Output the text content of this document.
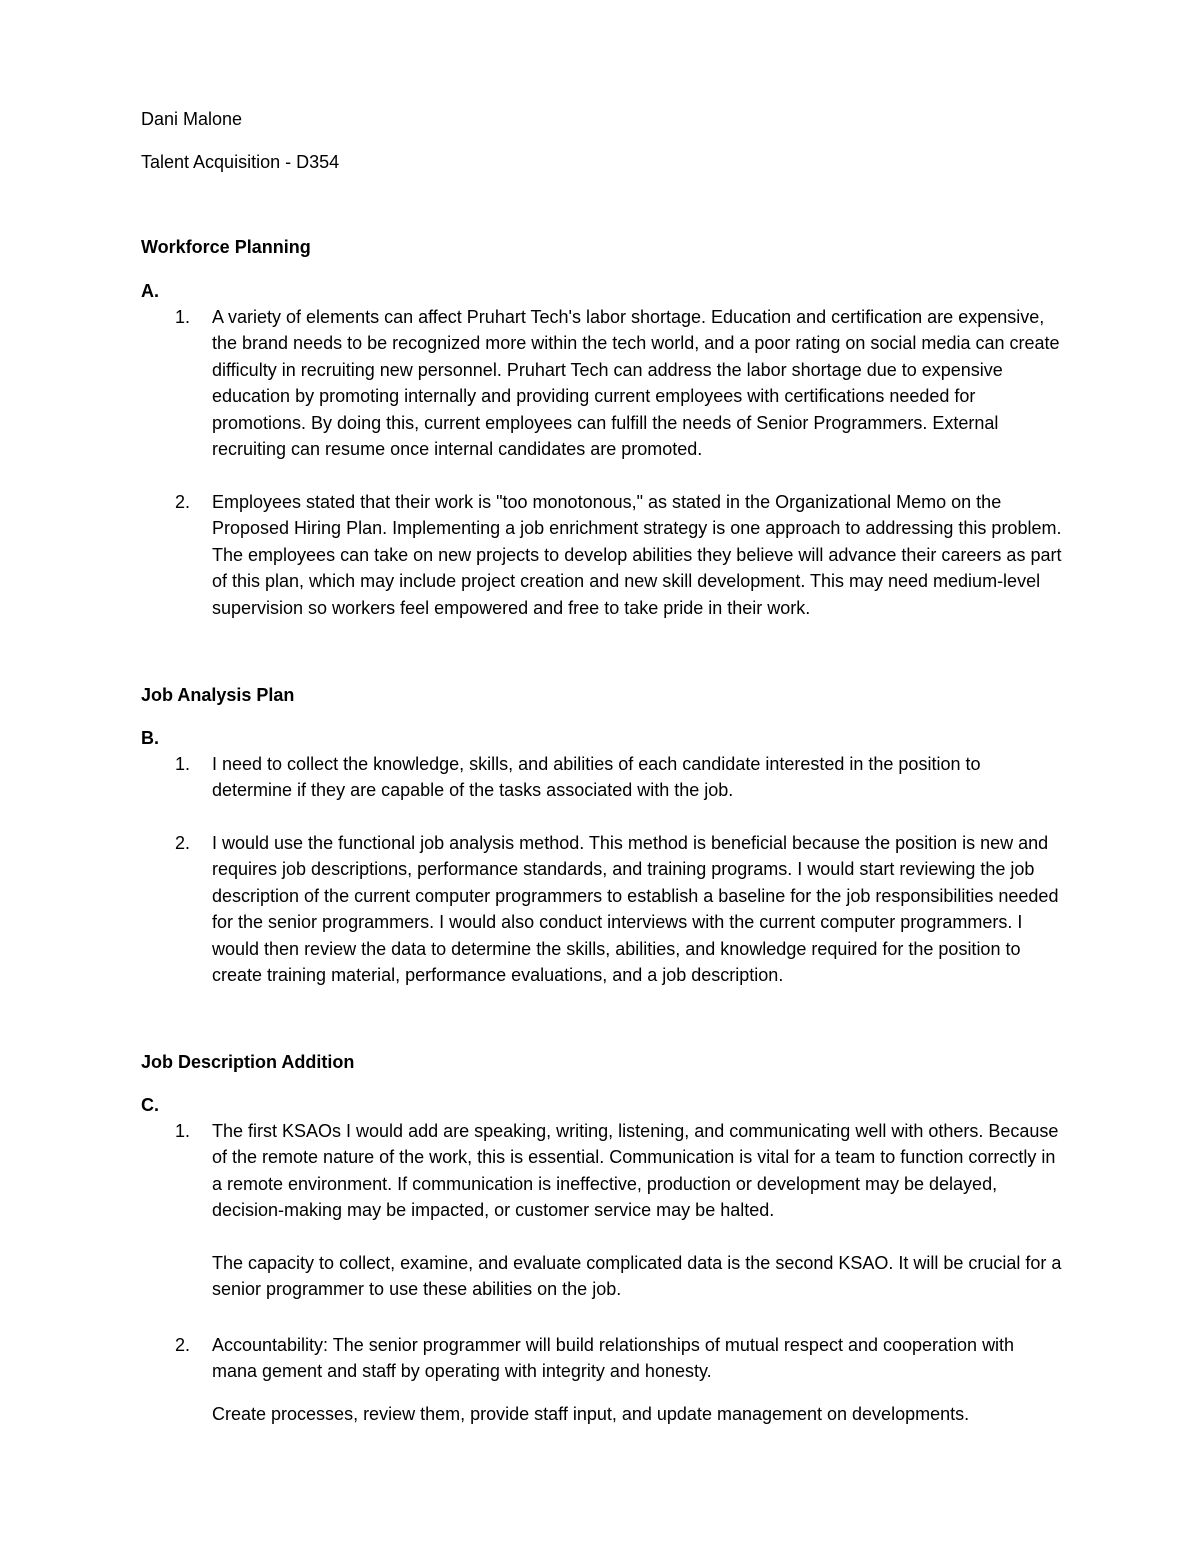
Dani Malone
Talent Acquisition - D354
Workforce Planning
A.
1. A variety of elements can affect Pruhart Tech's labor shortage. Education and certification are expensive, the brand needs to be recognized more within the tech world, and a poor rating on social media can create difficulty in recruiting new personnel. Pruhart Tech can address the labor shortage due to expensive education by promoting internally and providing current employees with certifications needed for promotions. By doing this, current employees can fulfill the needs of Senior Programmers. External recruiting can resume once internal candidates are promoted.

2. Employees stated that their work is "too monotonous," as stated in the Organizational Memo on the Proposed Hiring Plan. Implementing a job enrichment strategy is one approach to addressing this problem. The employees can take on new projects to develop abilities they believe will advance their careers as part of this plan, which may include project creation and new skill development. This may need medium-level supervision so workers feel empowered and free to take pride in their work.

Job Analysis Plan
B.
1. I need to collect the knowledge, skills, and abilities of each candidate interested in the position to determine if they are capable of the tasks associated with the job.

2. I would use the functional job analysis method. This method is beneficial because the position is new and requires job descriptions, performance standards, and training programs. I would start reviewing the job description of the current computer programmers to establish a baseline for the job responsibilities needed for the senior programmers. I would also conduct interviews with the current computer programmers. I would then review the data to determine the skills, abilities, and knowledge required for the position to create training material, performance evaluations, and a job description.

Job Description Addition
C.
1. The first KSAOs I would add are speaking, writing, listening, and communicating well with others. Because of the remote nature of the work, this is essential. Communication is vital for a team to function correctly in a remote environment. If communication is ineffective, production or development may be delayed, decision-making may be impacted, or customer service may be halted.

The capacity to collect, examine, and evaluate complicated data is the second KSAO. It will be crucial for a senior programmer to use these abilities on the job.

2. Accountability: The senior programmer will build relationships of mutual respect and cooperation with mana gement and staff by operating with integrity and honesty.

Create processes, review them, provide staff input, and update management on developments.
